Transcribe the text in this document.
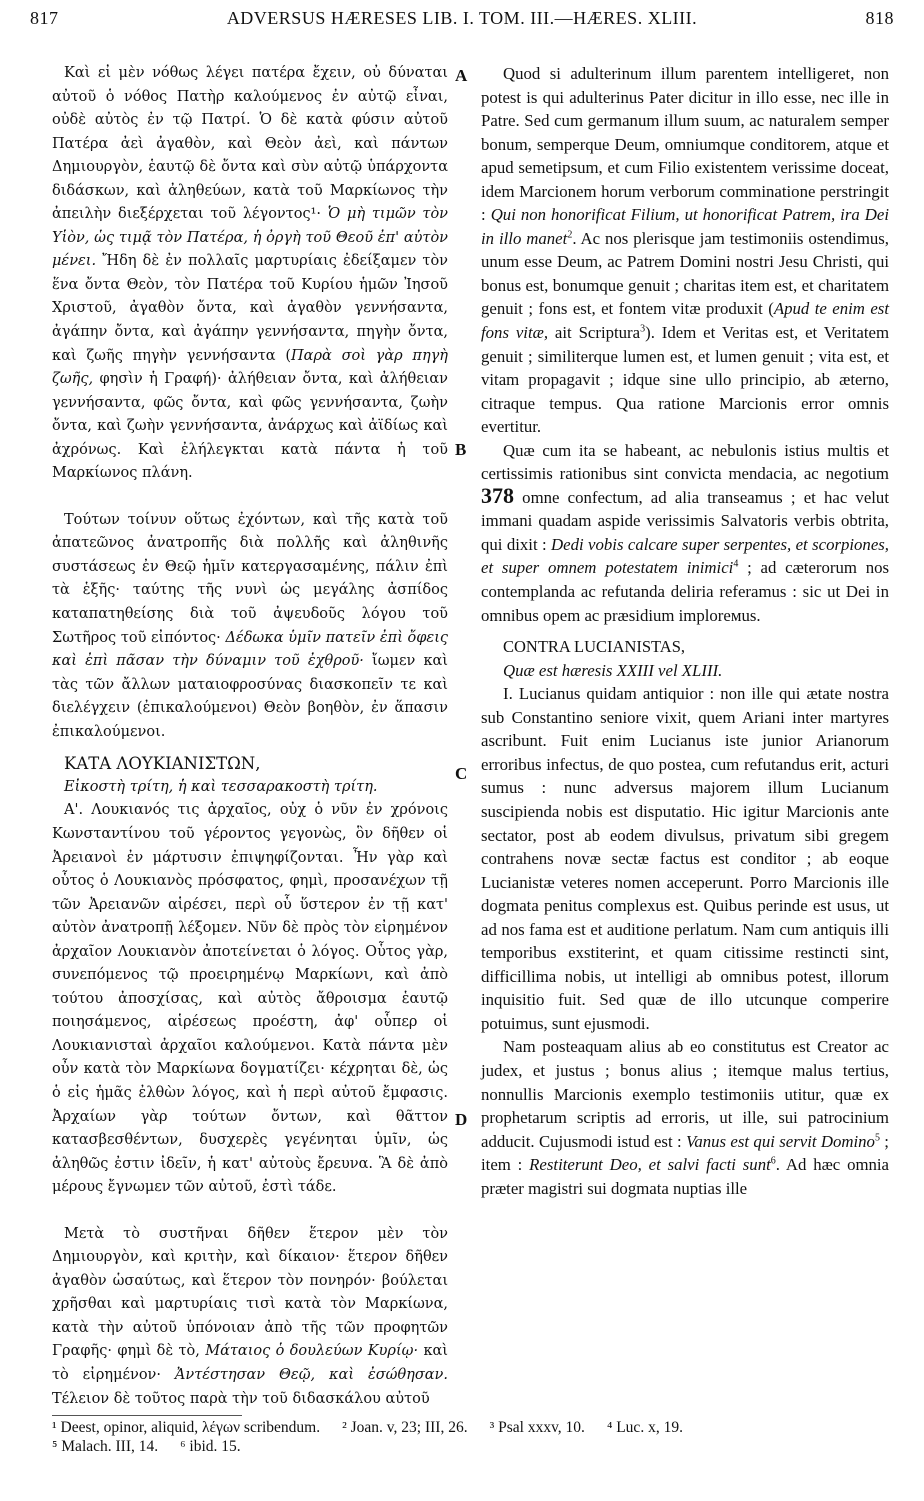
817	ADVERSUS HÆRESES LIB. I. TOM. III.—HÆRES. XLIII.	818
A
B
C
D

Καὶ εἰ μὲν νόθως λέγει πατέρα ἔχειν, οὐ δύναται αὐτοῦ ὁ νόθος Πατὴρ καλούμενος ἐν αὐτῷ εἶναι, οὐδὲ αὐτὸς ἐν τῷ Πατρί. Ὁ δὲ κατὰ φύσιν αὐτοῦ Πατέρα ἀεὶ ἀγαθὸν, καὶ Θεὸν ἀεὶ, καὶ πάντων Δημιουργὸν, ἑαυτῷ δὲ ὄντα καὶ σὺν αὐτῷ ὑπάρχοντα διδάσκων, καὶ ἀληθεύων, κατὰ τοῦ Μαρκίωνος τὴν ἀπειλὴν διεξέρχεται τοῦ λέγοντος¹· Ὁ μὴ τιμῶν τὸν Υἱὸν, ὡς τιμᾷ τὸν Πατέρα, ἡ ὀργὴ τοῦ Θεοῦ ἐπ' αὐτὸν μένει. Ἤδη δὲ ἐν πολλαῖς μαρτυρίαις ἐδείξαμεν τὸν ἕνα ὄντα Θεὸν, τὸν Πατέρα τοῦ Κυρίου ἡμῶν Ἰησοῦ Χριστοῦ, ἀγαθὸν ὄντα, καὶ ἀγαθὸν γεννήσαντα, ἀγάπην ὄντα, καὶ ἀγάπην γεννήσαντα, πηγὴν ὄντα, καὶ ζωῆς πηγὴν γεννήσαντα (Παρὰ σοὶ γὰρ πηγὴ ζωῆς, φησὶν ἡ Γραφή)· ἀλήθειαν ὄντα, καὶ ἀλήθειαν γεννήσαντα, φῶς ὄντα, καὶ φῶς γεννήσαντα, ζωὴν ὄντα, καὶ ζωὴν γεννήσαντα, ἀνάρχως καὶ ἀϊδίως καὶ ἀχρόνως. Καὶ ἐλήλεγκται κατὰ πάντα ἡ τοῦ Μαρκίωνος πλάνη.

Τούτων τοίνυν οὕτως ἐχόντων, καὶ τῆς κατὰ τοῦ ἀπατεῶνος ἀνατροπῆς διὰ πολλῆς καὶ ἀληθινῆς συστάσεως ἐν Θεῷ ἡμῖν κατεργασαμένης, πάλιν ἐπὶ τὰ ἑξῆς· ταύτης τῆς νυνὶ ὡς μεγάλης ἀσπίδος καταπατηθείσης διὰ τοῦ ἀψευδοῦς λόγου τοῦ Σωτῆρος τοῦ εἰπόντος· Δέδωκα ὑμῖν πατεῖν ἐπὶ ὄφεις καὶ ἐπὶ πᾶσαν τὴν δύναμιν τοῦ ἐχθροῦ· ἴωμεν καὶ τὰς τῶν ἄλλων ματαιοφροσύνας διασκοπεῖν τε καὶ διελέγχειν (ἐπικαλούμενοι) Θεὸν βοηθὸν, ἐν ἅπασιν ἐπικαλούμενοι.

ΚΑΤΑ ΛΟΥΚΙΑΝΙΣΤΩΝ,

Εἰκοστὴ τρίτη, ἡ καὶ τεσσαρακοστὴ τρίτη.

Α'. Λουκιανός τις ἀρχαῖος, οὐχ ὁ νῦν ἐν χρόνοις Κωνσταντίνου τοῦ γέροντος γεγονὼς, ὃν δῆθεν οἱ Ἀρειανοὶ ἐν μάρτυσιν ἐπιψηφίζονται. Ἦν γὰρ καὶ οὗτος ὁ Λουκιανὸς πρόσφατος, φημὶ, προσανέχων τῇ τῶν Ἀρειανῶν αἱρέσει, περὶ οὗ ὕστερον ἐν τῇ κατ' αὐτὸν ἀνατροπῇ λέξομεν. Νῦν δὲ πρὸς τὸν εἰρημένον ἀρχαῖον Λουκιανὸν ἀποτείνεται ὁ λόγος. Οὗτος γὰρ, συνεπόμενος τῷ προειρημένῳ Μαρκίωνι, καὶ ἀπὸ τούτου ἀποσχίσας, καὶ αὐτὸς ἄθροισμα ἑαυτῷ ποιησάμενος, αἱρέσεως προέστη, ἀφ' οὗπερ οἱ Λουκιανισταὶ ἀρχαῖοι καλούμενοι. Κατὰ πάντα μὲν οὖν κατὰ τὸν Μαρκίωνα δογματίζει· κέχρηται δὲ, ὡς ὁ εἰς ἡμᾶς ἐλθὼν λόγος, καὶ ἡ περὶ αὐτοῦ ἔμφασις. Ἀρχαίων γὰρ τούτων ὄντων, καὶ θᾶττον κατασβεσθέντων, δυσχερὲς γεγένηται ὑμῖν, ὡς ἀληθῶς ἐστιν ἰδεῖν, ἡ κατ' αὐτοὺς ἔρευνα. Ἃ δὲ ἀπὸ μέρους ἔγνωμεν τῶν αὐτοῦ, ἐστὶ τάδε.

Μετὰ τὸ συστῆναι δῆθεν ἕτερον μὲν τὸν Δημιουργὸν, καὶ κριτὴν, καὶ δίκαιον· ἕτερον δῆθεν ἀγαθὸν ὡσαύτως, καὶ ἕτερον τὸν πονηρόν· βούλεται χρῆσθαι καὶ μαρτυρίαις τισὶ κατὰ τὸν Μαρκίωνα, κατὰ τὴν αὐτοῦ ὑπόνοιαν ἀπὸ τῆς τῶν προφητῶν Γραφῆς· φημὶ δὲ τὸ, Μάταιος ὁ δουλεύων Κυρίῳ· καὶ τὸ εἰρημένον· Ἀντέστησαν Θεῷ, καὶ ἐσώθησαν. Τέλειον δὲ τοῦτος παρὰ τὴν τοῦ διδασκάλου αὐτοῦ

Quod si adulterinum illum parentem intelligeret, non potest is qui adulterinus Pater dicitur in illo esse, nec ille in Patre. Sed cum germanum illum suum, ac naturalem semper bonum, semperque Deum, omniumque conditorem, atque et apud semetipsum, et cum Filio existentem verissime doceat, idem Marcionem horum verborum comminatione perstringit : Qui non honorificat Filium, ut honorificat Patrem, ira Dei in illo manet$^2$. Ac nos plerisque jam testimoniis ostendimus, unum esse Deum, ac Patrem Domini nostri Jesu Christi, qui bonus est, bonumque genuit ; charitas item est, et charitatem genuit ; fons est, et fontem vitæ produxit (Apud te enim est fons vitæ, ait Scriptura$^3$). Idem et Veritas est, et Veritatem genuit ; similiterque lumen est, et lumen genuit ; vita est, et vitam propagavit ; idque sine ullo principio, ab æterno, citraque tempus. Qua ratione Marcionis error omnis evertitur.

Quæ cum ita se habeant, ac nebulonis istius multis et certissimis rationibus sint convicta mendacia, ac negotium 378 omne confectum, ad alia transeamus ; et hac velut immani quadam aspide verissimis Salvatoris verbis obtrita, qui dixit : Dedi vobis calcare super serpentes, et scorpiones, et super omnem potestatem inimici$^4$ ; ad cæterorum nos contemplanda ac refutanda deliria referamus : sic ut Dei in omnibus opem ac præsidium implorемus.

CONTRA LUCIANISTAS,

Quæ est hæresis XXIII vel XLIII.

I. Lucianus quidam antiquior : non ille qui ætate nostra sub Constantino seniore vixit, quem Ariani inter martyres ascribunt. Fuit enim Lucianus iste junior Arianorum erroribus infectus, de quo postea, cum refutandus erit, acturi sumus : nunc adversus majorem illum Lucianum suscipienda nobis est disputatio. Hic igitur Marcionis ante sectator, post ab eodem divulsus, privatum sibi gregem contrahens novæ sectæ factus est conditor ; ab eoque Lucianistæ veteres nomen acceperunt. Porro Marcionis ille dogmata penitus complexus est. Quibus perinde est usus, ut ad nos fama est et auditione perlatum. Nam cum antiquis illi temporibus exstiterint, et quam citissime restincti sint, difficillima nobis, ut intelligi ab omnibus potest, illorum inquisitio fuit. Sed quæ de illo utcunque comperire potuimus, sunt ejusmodi.

Nam posteaquam alius ab eo constitutus est Creator ac judex, et justus ; bonus alius ; itemque malus tertius, nonnullis Marcionis exemplo testimoniis utitur, quæ ex prophetarum scriptis ad erroris, ut ille, sui patrocinium adducit. Cujusmodi istud est : Vanus est qui servit Domino$^5$ ; item : Restiterunt Deo, et salvi facti sunt$^6$. Ad hæc omnia præter magistri sui dogmata nuptias ille

¹ Deest, opinor, aliquid, λέγων scribendum. ² Joan. v, 23; III, 26. ³ Psal xxxv, 10. ⁴ Luc. x, 19.
⁵ Malach. III, 14. ⁶ ibid. 15.
